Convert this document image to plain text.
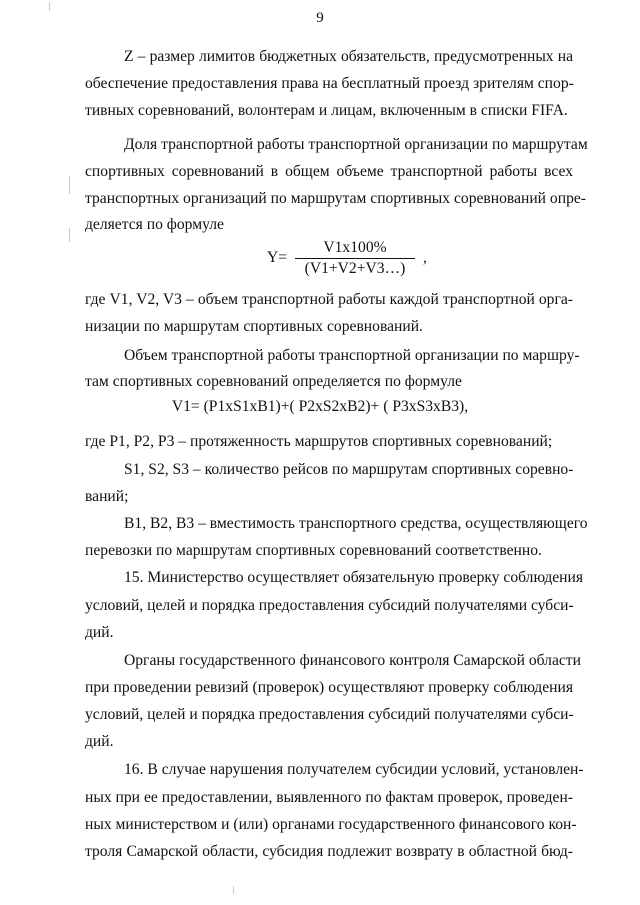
9
Z – размер лимитов бюджетных обязательств, предусмотренных на
обеспечение предоставления права на бесплатный проезд зрителям спор-
тивных соревнований, волонтерам и лицам, включенным в списки FIFA.
Доля транспортной работы транспортной организации по маршрутам
спортивных соревнований в общем объеме транспортной работы всех
транспортных организаций по маршрутам спортивных соревнований опре-
деляется по формуле
Y=
V1x100%
(V1+V2+V3…)
,
где V1, V2, V3 – объем транспортной работы каждой транспортной орга-
низации по маршрутам спортивных соревнований.
Объем транспортной работы транспортной организации по маршру-
там спортивных соревнований определяется по формуле
V1= (P1xS1xB1)+( P2xS2xB2)+ ( P3xS3xB3),
где P1, P2, P3 – протяженность маршрутов спортивных соревнований;
S1, S2, S3 – количество рейсов по маршрутам спортивных соревно-
ваний;
B1, B2, B3 – вместимость транспортного средства, осуществляющего
перевозки по маршрутам спортивных соревнований соответственно.
15. Министерство осуществляет обязательную проверку соблюдения
условий, целей и порядка предоставления субсидий получателями субси-
дий.
Органы государственного финансового контроля Самарской области
при проведении ревизий (проверок) осуществляют проверку соблюдения
условий, целей и порядка предоставления субсидий получателями субси-
дий.
16. В случае нарушения получателем субсидии условий, установлен-
ных при ее предоставлении, выявленного по фактам проверок, проведен-
ных министерством и (или) органами государственного финансового кон-
троля Самарской области, субсидия подлежит возврату в областной бюд-
